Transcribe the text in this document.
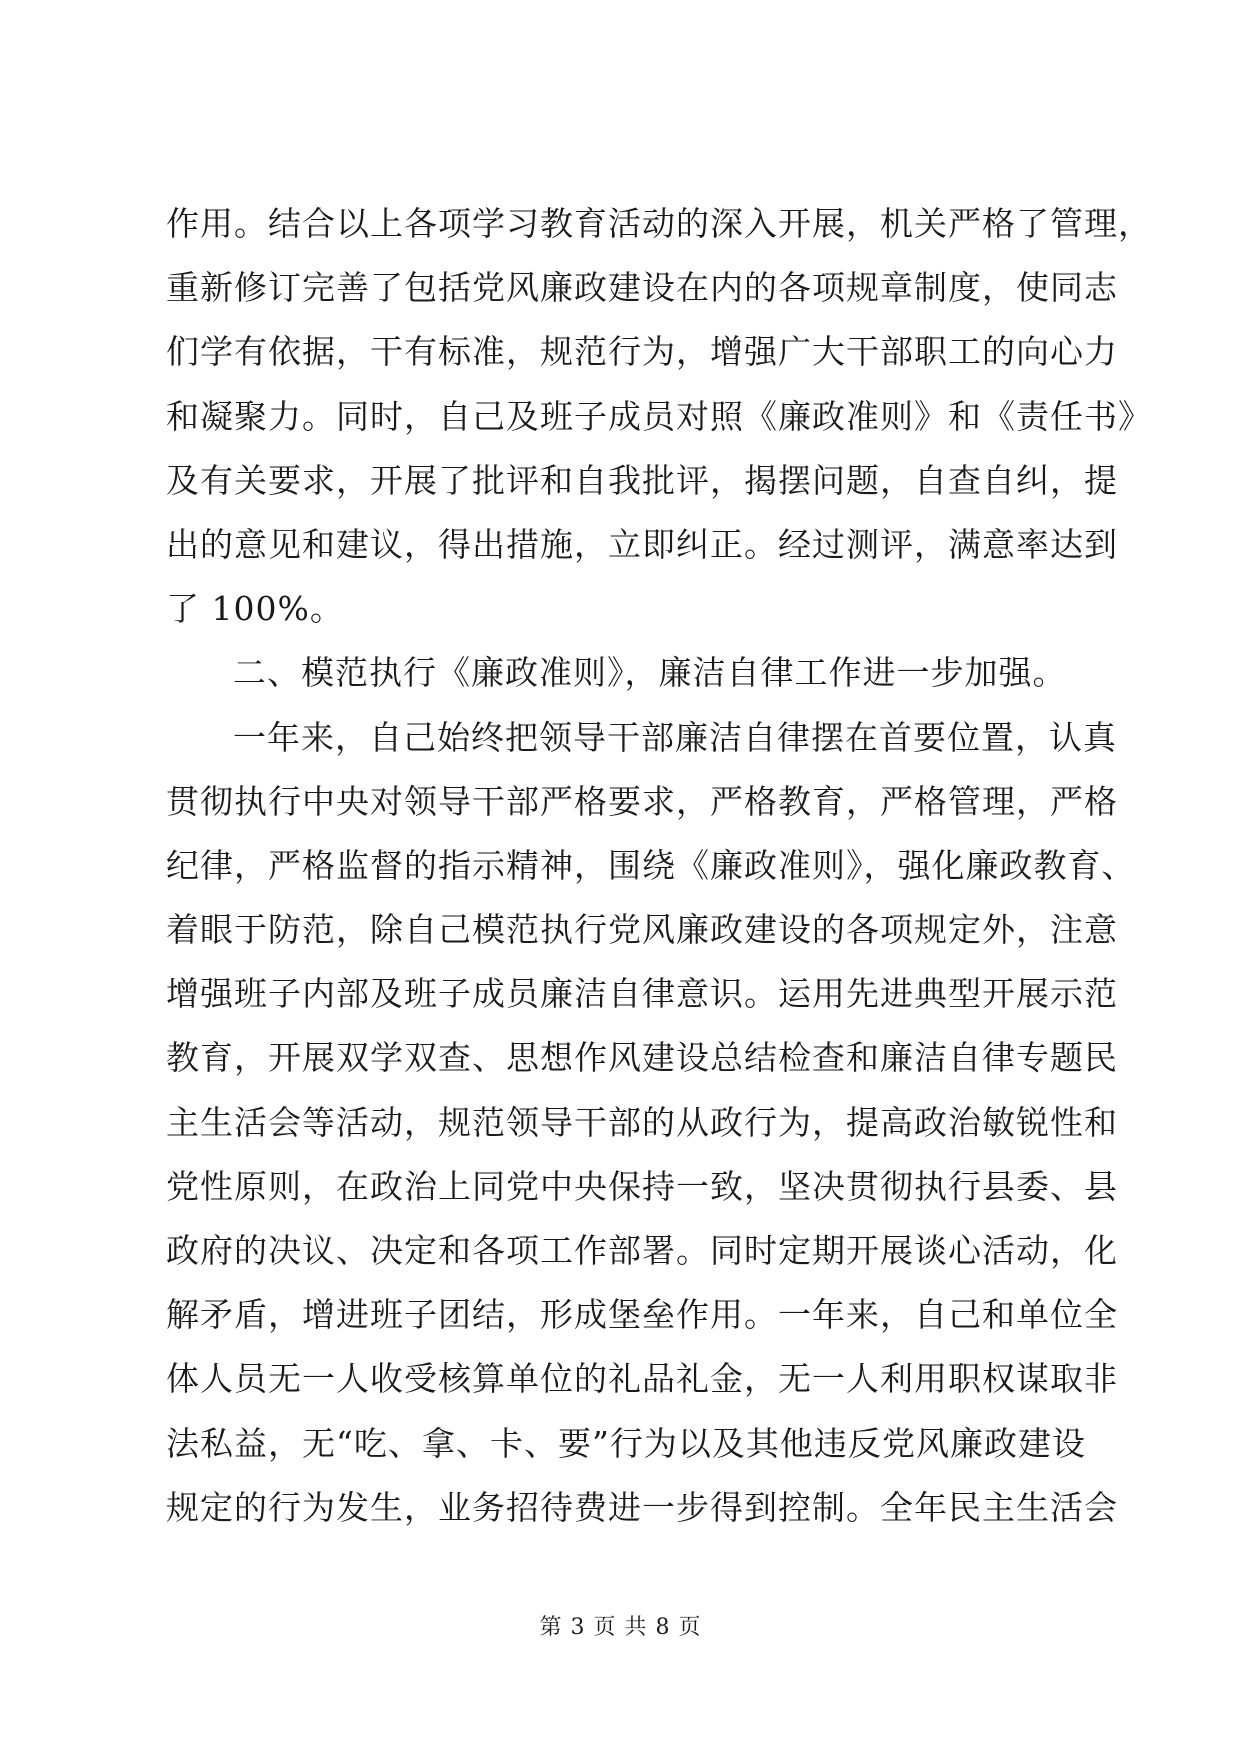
作用。结合以上各项学习教育活动的深入开展，机关严格了管理，
重新修订完善了包括党风廉政建设在内的各项规章制度，使同志
们学有依据，干有标准，规范行为，增强广大干部职工的向心力
和凝聚力。同时，自己及班子成员对照《廉政准则》和《责任书》
及有关要求，开展了批评和自我批评，揭摆问题，自查自纠，提
出的意见和建议，得出措施，立即纠正。经过测评，满意率达到
了 100%。
二、模范执行《廉政准则》，廉洁自律工作进一步加强。
一年来，自己始终把领导干部廉洁自律摆在首要位置，认真
贯彻执行中央对领导干部严格要求，严格教育，严格管理，严格
纪律，严格监督的指示精神，围绕《廉政准则》，强化廉政教育、
着眼于防范，除自己模范执行党风廉政建设的各项规定外，注意
增强班子内部及班子成员廉洁自律意识。运用先进典型开展示范
教育，开展双学双查、思想作风建设总结检查和廉洁自律专题民
主生活会等活动，规范领导干部的从政行为，提高政治敏锐性和
党性原则，在政治上同党中央保持一致，坚决贯彻执行县委、县
政府的决议、决定和各项工作部署。同时定期开展谈心活动，化
解矛盾，增进班子团结，形成堡垒作用。一年来，自己和单位全
体人员无一人收受核算单位的礼品礼金，无一人利用职权谋取非
法私益，无“吃、拿、卡、要”行为以及其他违反党风廉政建设
规定的行为发生，业务招待费进一步得到控制。全年民主生活会
第 3 页 共 8 页
